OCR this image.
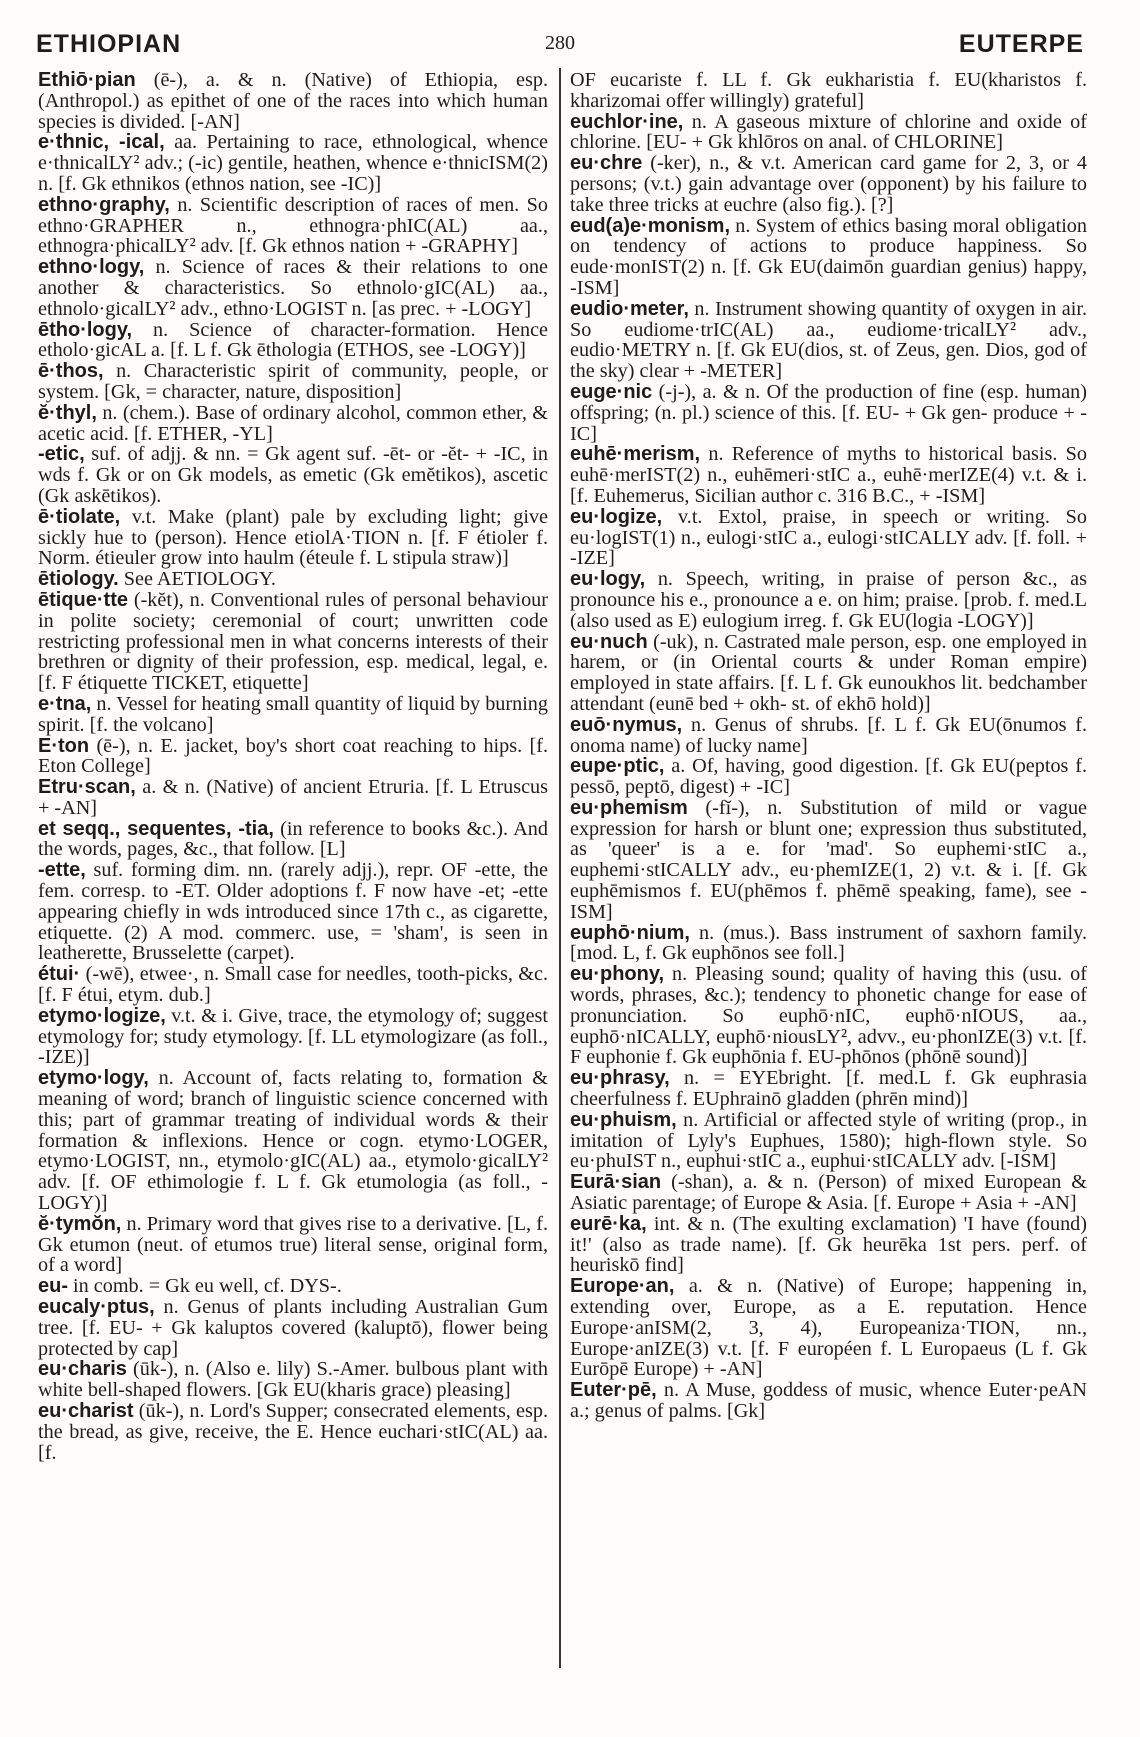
ETHIOPIAN	280	EUTERPE
Ethiō·pian (ē-), a. & n. (Native) of Ethiopia, esp. (Anthropol.) as epithet of one of the races into which human species is divided. [-AN]
e·thnic, -ical, aa. Pertaining to race, ethnological, whence e·thnicalLY² adv.; (-ic) gentile, heathen, whence e·thnicISM(2) n. [f. Gk ethnikos (ethnos nation, see -IC)]
ethno·graphy, n. Scientific description of races of men. So ethno·GRAPHER n., ethnogra·phIC(AL) aa., ethnogra·phicalLY² adv. [f. Gk ethnos nation + -GRAPHY]
ethno·logy, n. Science of races & their relations to one another & characteristics. So ethnolo·gIC(AL) aa., ethnolo·gicalLY² adv., ethno·LOGIST n. [as prec. + -LOGY]
ētho·logy, n. Science of character-formation. Hence etholo·gicAL a. [f. L f. Gk ēthologia (ETHOS, see -LOGY)]
ē·thos, n. Characteristic spirit of community, people, or system. [Gk, = character, nature, disposition]
ĕ·thyl, n. (chem.). Base of ordinary alcohol, common ether, & acetic acid. [f. ETHER, -YL]
-etic, suf. of adjj. & nn. = Gk agent suf. -ēt- or -ĕt- + -IC, in wds f. Gk or on Gk models, as emetic (Gk emĕtikos), ascetic (Gk askētikos).
ē·tiolate, v.t. Make (plant) pale by excluding light; give sickly hue to (person). Hence etiolA·TION n. [f. F étioler f. Norm. étieuler grow into haulm (éteule f. L stipula straw)]
ētiology. See AETIOLOGY.
ētique·tte (-kĕt), n. Conventional rules of personal behaviour in polite society; ceremonial of court; unwritten code restricting professional men in what concerns interests of their brethren or dignity of their profession, esp. medical, legal, e. [f. F étiquette TICKET, etiquette]
e·tna, n. Vessel for heating small quantity of liquid by burning spirit. [f. the volcano]
E·ton (ē-), n. E. jacket, boy's short coat reaching to hips. [f. Eton College]
Etru·scan, a. & n. (Native) of ancient Etruria. [f. L Etruscus + -AN]
et seqq., sequentes, -tia, (in reference to books &c.). And the words, pages, &c., that follow. [L]
-ette, suf. forming dim. nn. (rarely adjj.), repr. OF -ette, the fem. corresp. to -ET. Older adoptions f. F now have -et; -ette appearing chiefly in wds introduced since 17th c., as cigarette, etiquette. (2) A mod. commerc. use, = 'sham', is seen in leatherette, Brusselette (carpet).
étui· (-wē), etwee·, n. Small case for needles, tooth-picks, &c. [f. F étui, etym. dub.]
etymo·logize, v.t. & i. Give, trace, the etymology of; suggest etymology for; study etymology. [f. LL etymologizare (as foll., -IZE)]
etymo·logy, n. Account of, facts relating to, formation & meaning of word; branch of linguistic science concerned with this; part of grammar treating of individual words & their formation & inflexions. Hence or cogn. etymo·LOGER, etymo·LOGIST, nn., etymolo·gIC(AL) aa., etymolo·gicalLY² adv. [f. OF ethimologie f. L f. Gk etumologia (as foll., -LOGY)]
ĕ·tymŏn, n. Primary word that gives rise to a derivative. [L, f. Gk etumon (neut. of etumos true) literal sense, original form, of a word]
eu- in comb. = Gk eu well, cf. DYS-.
eucaly·ptus, n. Genus of plants including Australian Gum tree. [f. EU- + Gk kaluptos covered (kaluptō), flower being protected by cap]
eu·charis (ūk-), n. (Also e. lily) S.-Amer. bulbous plant with white bell-shaped flowers. [Gk EU(kharis grace) pleasing]
eu·charist (ūk-), n. Lord's Supper; consecrated elements, esp. the bread, as give, receive, the E. Hence euchari·stIC(AL) aa. [f.
OF eucariste f. LL f. Gk eukharistia f. EU(kharistos f. kharizomai offer willingly) grateful]
euchlor·ine, n. A gaseous mixture of chlorine and oxide of chlorine. [EU- + Gk khlōros on anal. of CHLORINE]
eu·chre (-ker), n., & v.t. American card game for 2, 3, or 4 persons; (v.t.) gain advantage over (opponent) by his failure to take three tricks at euchre (also fig.). [?]
eud(a)e·monism, n. System of ethics basing moral obligation on tendency of actions to produce happiness. So eude·monIST(2) n. [f. Gk EU(daimōn guardian genius) happy, -ISM]
eudio·meter, n. Instrument showing quantity of oxygen in air. So eudiome·trIC(AL) aa., eudiome·tricalLY² adv., eudio·METRY n. [f. Gk EU(dios, st. of Zeus, gen. Dios, god of the sky) clear + -METER]
euge·nic (-j-), a. & n. Of the production of fine (esp. human) offspring; (n. pl.) science of this. [f. EU- + Gk gen- produce + -IC]
euhē·merism, n. Reference of myths to historical basis. So euhē·merIST(2) n., euhēmeri·stIC a., euhē·merIZE(4) v.t. & i. [f. Euhemerus, Sicilian author c. 316 B.C., + -ISM]
eu·logize, v.t. Extol, praise, in speech or writing. So eu·logIST(1) n., eulogi·stIC a., eulogi·stICALLY adv. [f. foll. + -IZE]
eu·logy, n. Speech, writing, in praise of person &c., as pronounce his e., pronounce a e. on him; praise. [prob. f. med.L (also used as E) eulogium irreg. f. Gk EU(logia -LOGY)]
eu·nuch (-uk), n. Castrated male person, esp. one employed in harem, or (in Oriental courts & under Roman empire) employed in state affairs. [f. L f. Gk eunoukhos lit. bedchamber attendant (eunē bed + okh- st. of ekhō hold)]
euō·nymus, n. Genus of shrubs. [f. L f. Gk EU(ōnumos f. onoma name) of lucky name]
eupe·ptic, a. Of, having, good digestion. [f. Gk EU(peptos f. pessō, peptō, digest) + -IC]
eu·phemism (-fĭ-), n. Substitution of mild or vague expression for harsh or blunt one; expression thus substituted, as 'queer' is a e. for 'mad'. So euphemi·stIC a., euphemi·stICALLY adv., eu·phemIZE(1, 2) v.t. & i. [f. Gk euphēmismos f. EU(phēmos f. phēmē speaking, fame), see -ISM]
euphō·nium, n. (mus.). Bass instrument of saxhorn family. [mod. L, f. Gk euphōnos see foll.]
eu·phony, n. Pleasing sound; quality of having this (usu. of words, phrases, &c.); tendency to phonetic change for ease of pronunciation. So euphō·nIC, euphō·nIOUS, aa., euphō·nICALLY, euphō·niousLY², advv., eu·phonIZE(3) v.t. [f. F euphonie f. Gk euphōnia f. EU-phōnos (phōnē sound)]
eu·phrasy, n. = EYEbright. [f. med.L f. Gk euphrasia cheerfulness f. EUphrainō gladden (phrēn mind)]
eu·phuism, n. Artificial or affected style of writing (prop., in imitation of Lyly's Euphues, 1580); high-flown style. So eu·phuIST n., euphui·stIC a., euphui·stICALLY adv. [-ISM]
Eurā·sian (-shan), a. & n. (Person) of mixed European & Asiatic parentage; of Europe & Asia. [f. Europe + Asia + -AN]
eurē·ka, int. & n. (The exulting exclamation) 'I have (found) it!' (also as trade name). [f. Gk heurēka 1st pers. perf. of heuriskō find]
Europe·an, a. & n. (Native) of Europe; happening in, extending over, Europe, as a E. reputation. Hence Europe·anISM(2, 3, 4), Europeaniza·TION, nn., Europe·anIZE(3) v.t. [f. F européen f. L Europaeus (L f. Gk Eurōpē Europe) + -AN]
Euter·pē, n. A Muse, goddess of music, whence Euter·peAN a.; genus of palms. [Gk]
